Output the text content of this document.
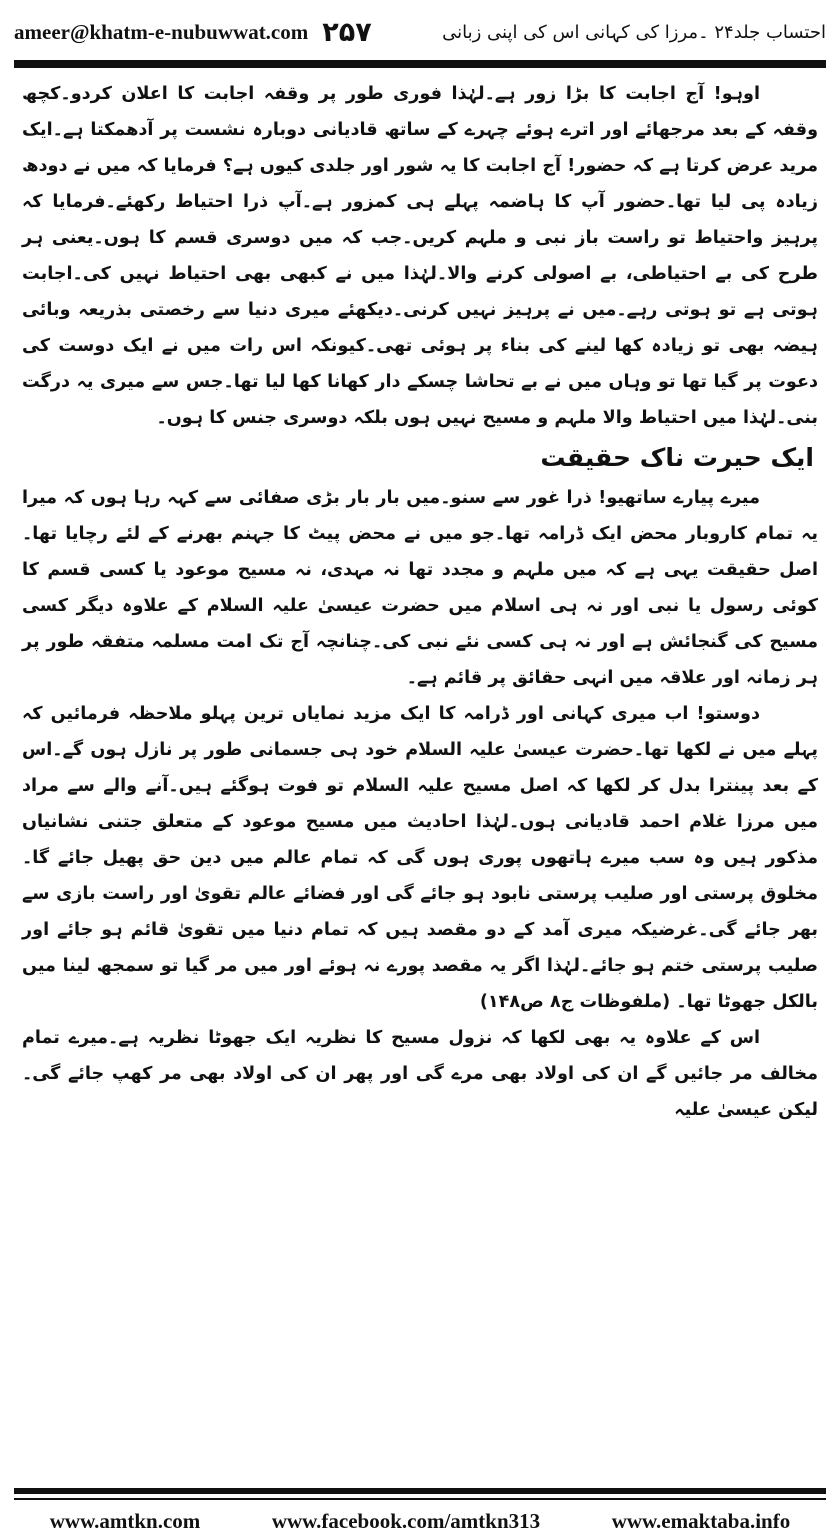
ameer@khatm-e-nubuwwat.com ۲۵۷	احتساب جلد۲۴ ۔مرزا کی کہانی اس کی اپنی زبانی

اوہو! آج اجابت کا بڑا زور ہے۔لہٰذا فوری طور پر وقفہ اجابت کا اعلان کردو۔کچھ وقفہ کے بعد مرجھائے اور اترے ہوئے چہرے کے ساتھ قادیانی دوبارہ نشست پر آدھمکتا ہے۔ایک مرید عرض کرتا ہے کہ حضور! آج اجابت کا یہ شور اور جلدی کیوں ہے؟ فرمایا کہ میں نے دودھ زیادہ پی لیا تھا۔حضور آپ کا ہاضمہ پہلے ہی کمزور ہے۔آپ ذرا احتیاط رکھئے۔فرمایا کہ پرہیز واحتیاط تو راست باز نبی و ملہم کریں۔جب کہ میں دوسری قسم کا ہوں۔یعنی ہر طرح کی بے احتیاطی، بے اصولی کرنے والا۔لہٰذا میں نے کبھی بھی احتیاط نہیں کی۔اجابت ہوتی ہے تو ہوتی رہے۔میں نے پرہیز نہیں کرنی۔دیکھئے میری دنیا سے رخصتی بذریعہ وبائی ہیضہ بھی تو زیادہ کھا لینے کی بناء پر ہوئی تھی۔کیونکہ اس رات میں نے ایک دوست کی دعوت پر گیا تھا تو وہاں میں نے بے تحاشا چسکے دار کھانا کھا لیا تھا۔جس سے میری یہ درگت بنی۔لہٰذا میں احتیاط والا ملہم و مسیح نہیں ہوں بلکہ دوسری جنس کا ہوں۔

ایک حیرت ناک حقیقت

میرے پیارے ساتھیو! ذرا غور سے سنو۔میں بار بار بڑی صفائی سے کہہ رہا ہوں کہ میرا یہ تمام کاروبار محض ایک ڈرامہ تھا۔جو میں نے محض پیٹ کا جہنم بھرنے کے لئے رچایا تھا۔اصل حقیقت یہی ہے کہ میں ملہم و مجدد تھا نہ مہدی، نہ مسیح موعود یا کسی قسم کا کوئی رسول یا نبی اور نہ ہی اسلام میں حضرت عیسیٰ علیہ السلام کے علاوہ دیگر کسی مسیح کی گنجائش ہے اور نہ ہی کسی نئے نبی کی۔چنانچہ آج تک امت مسلمہ متفقہ طور پر ہر زمانہ اور علاقہ میں انہی حقائق پر قائم ہے۔

دوستو! اب میری کہانی اور ڈرامہ کا ایک مزید نمایاں ترین پہلو ملاحظہ فرمائیں کہ پہلے میں نے لکھا تھا۔حضرت عیسیٰ علیہ السلام خود ہی جسمانی طور پر نازل ہوں گے۔اس کے بعد پینترا بدل کر لکھا کہ اصل مسیح علیہ السلام تو فوت ہوگئے ہیں۔آنے والے سے مراد میں مرزا غلام احمد قادیانی ہوں۔لہٰذا احادیث میں مسیح موعود کے متعلق جتنی نشانیاں مذکور ہیں وہ سب میرے ہاتھوں پوری ہوں گی کہ تمام عالم میں دین حق پھیل جائے گا۔مخلوق پرستی اور صلیب پرستی نابود ہو جائے گی اور فضائے عالم تقویٰ اور راست بازی سے بھر جائے گی۔غرضیکہ میری آمد کے دو مقصد ہیں کہ تمام دنیا میں تقویٰ قائم ہو جائے اور صلیب پرستی ختم ہو جائے۔لہٰذا اگر یہ مقصد پورے نہ ہوئے اور میں مر گیا تو سمجھ لینا میں بالکل جھوٹا تھا۔ (ملفوظات ج۸ ص۱۴۸)

اس کے علاوہ یہ بھی لکھا کہ نزول مسیح کا نظریہ ایک جھوٹا نظریہ ہے۔میرے تمام مخالف مر جائیں گے ان کی اولاد بھی مرے گی اور پھر ان کی اولاد بھی مر کھپ جائے گی۔لیکن عیسیٰ علیہ

www.amtkn.com	www.facebook.com/amtkn313	www.emaktaba.info
